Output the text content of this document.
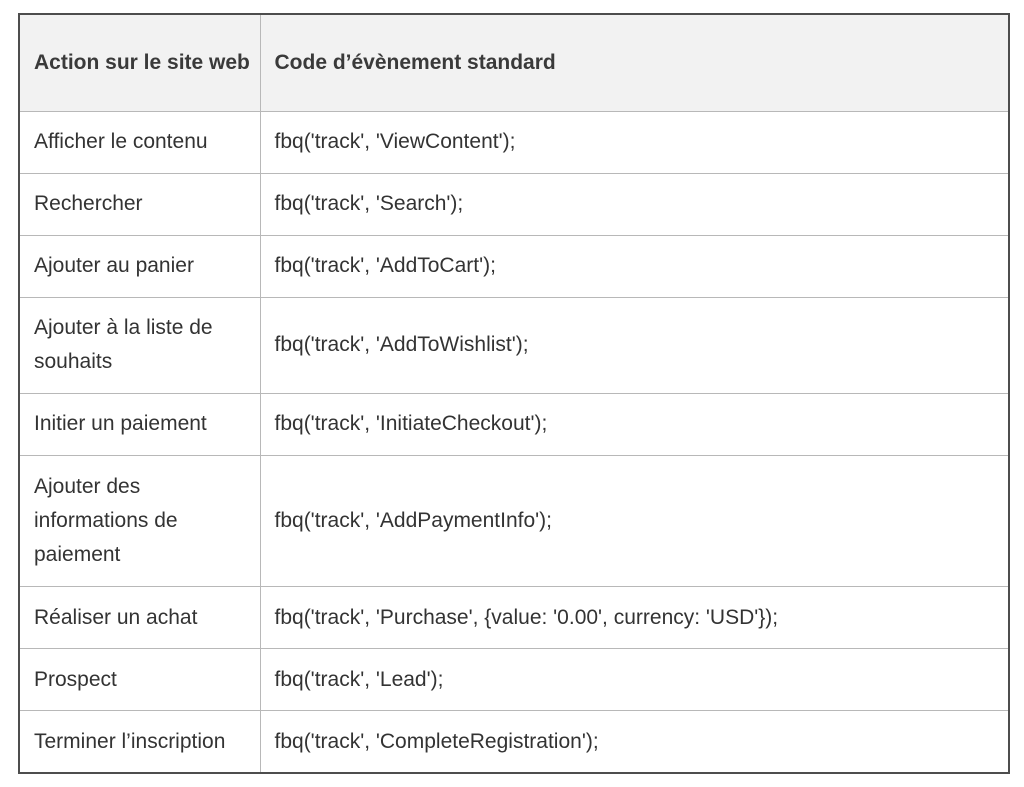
Action sur le site web	Code d’évènement standard
Afficher le contenu	fbq('track', 'ViewContent');
Rechercher	fbq('track', 'Search');
Ajouter au panier	fbq('track', 'AddToCart');
Ajouter à la liste de souhaits	fbq('track', 'AddToWishlist');
Initier un paiement	fbq('track', 'InitiateCheckout');
Ajouter des informations de paiement	fbq('track', 'AddPaymentInfo');
Réaliser un achat	fbq('track', 'Purchase', {value: '0.00', currency: 'USD'});
Prospect	fbq('track', 'Lead');
Terminer l’inscription	fbq('track', 'CompleteRegistration');
